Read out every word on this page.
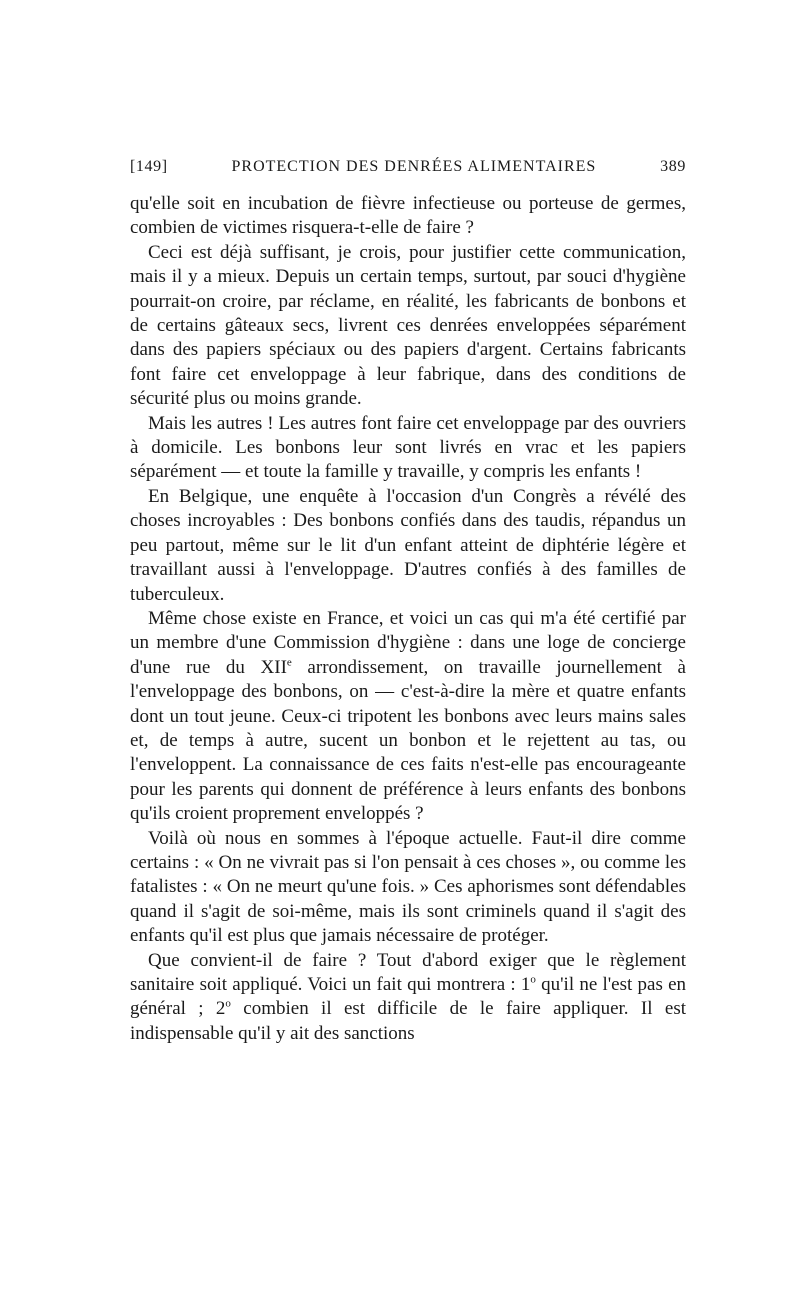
[149]	PROTECTION DES DENRÉES ALIMENTAIRES	389

qu'elle soit en incubation de fièvre infectieuse ou porteuse de germes, combien de victimes risquera-t-elle de faire ?

Ceci est déjà suffisant, je crois, pour justifier cette communication, mais il y a mieux. Depuis un certain temps, surtout, par souci d'hygiène pourrait-on croire, par réclame, en réalité, les fabricants de bonbons et de certains gâteaux secs, livrent ces denrées enveloppées séparément dans des papiers spéciaux ou des papiers d'argent. Certains fabricants font faire cet enveloppage à leur fabrique, dans des conditions de sécurité plus ou moins grande.

Mais les autres ! Les autres font faire cet enveloppage par des ouvriers à domicile. Les bonbons leur sont livrés en vrac et les papiers séparément — et toute la famille y travaille, y compris les enfants !

En Belgique, une enquête à l'occasion d'un Congrès a révélé des choses incroyables : Des bonbons confiés dans des taudis, répandus un peu partout, même sur le lit d'un enfant atteint de diphtérie légère et travaillant aussi à l'enveloppage. D'autres confiés à des familles de tuberculeux.

Même chose existe en France, et voici un cas qui m'a été certifié par un membre d'une Commission d'hygiène : dans une loge de concierge d'une rue du XIIe arrondissement, on travaille journellement à l'enveloppage des bonbons, on — c'est-à-dire la mère et quatre enfants dont un tout jeune. Ceux-ci tripotent les bonbons avec leurs mains sales et, de temps à autre, sucent un bonbon et le rejettent au tas, ou l'enveloppent. La connaissance de ces faits n'est-elle pas encourageante pour les parents qui donnent de préférence à leurs enfants des bonbons qu'ils croient proprement enveloppés ?

Voilà où nous en sommes à l'époque actuelle. Faut-il dire comme certains : « On ne vivrait pas si l'on pensait à ces choses », ou comme les fatalistes : « On ne meurt qu'une fois. » Ces aphorismes sont défendables quand il s'agit de soi-même, mais ils sont criminels quand il s'agit des enfants qu'il est plus que jamais nécessaire de protéger.

Que convient-il de faire ? Tout d'abord exiger que le règlement sanitaire soit appliqué. Voici un fait qui montrera : 1$^o$ qu'il ne l'est pas en général ; 2$^o$ combien il est difficile de le faire appliquer. Il est indispensable qu'il y ait des sanctions
